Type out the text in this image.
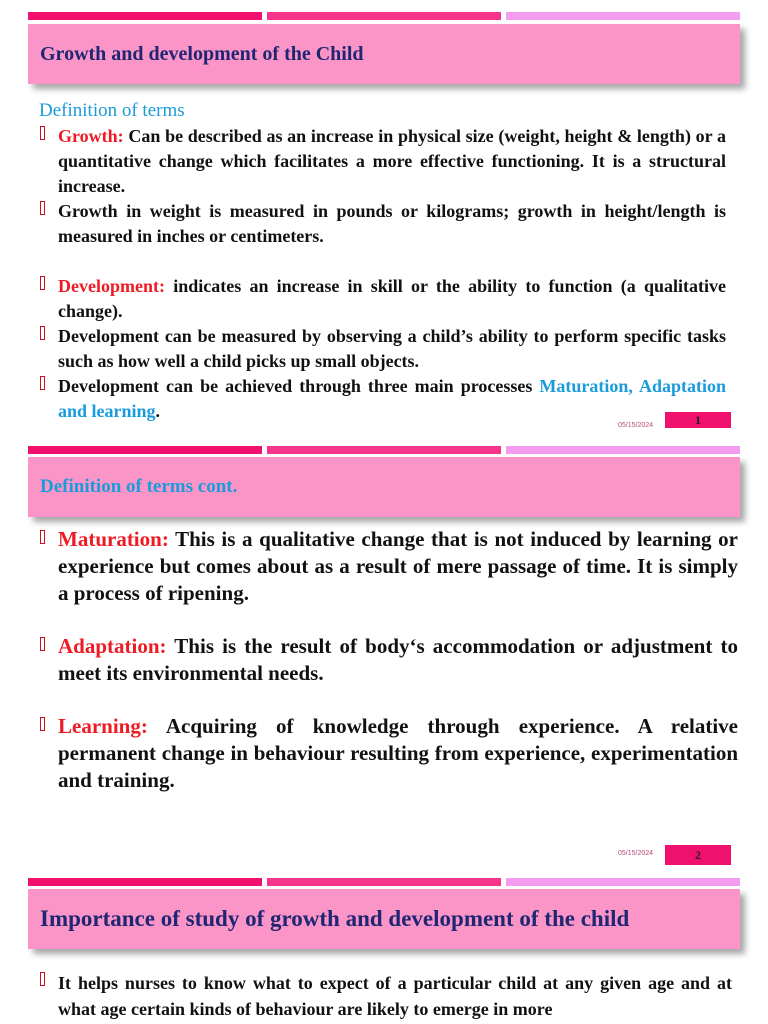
Growth and development of the Child
Definition of terms
Growth: Can be described as an increase in physical size (weight, height & length) or a quantitative change which facilitates a more effective functioning. It is a structural increase.
Growth in weight is measured in pounds or kilograms; growth in height/length is measured in inches or centimeters.
Development: indicates an increase in skill or the ability to function (a qualitative change).
Development can be measured by observing a child’s ability to perform specific tasks such as how well a child picks up small objects.
Development can be achieved through three main processes Maturation, Adaptation and learning.
05/15/2024	1
Definition of terms cont.
Maturation: This is a qualitative change that is not induced by learning or experience but comes about as a result of mere passage of time. It is simply a process of ripening.
Adaptation: This is the result of body‘s accommodation or adjustment to meet its environmental needs.
Learning: Acquiring of knowledge through experience. A relative permanent change in behaviour resulting from experience, experimentation and training.
05/15/2024	2
Importance of study of growth and development of the child
It helps nurses to know what to expect of a particular child at any given age and at what age certain kinds of behaviour are likely to emerge in more
